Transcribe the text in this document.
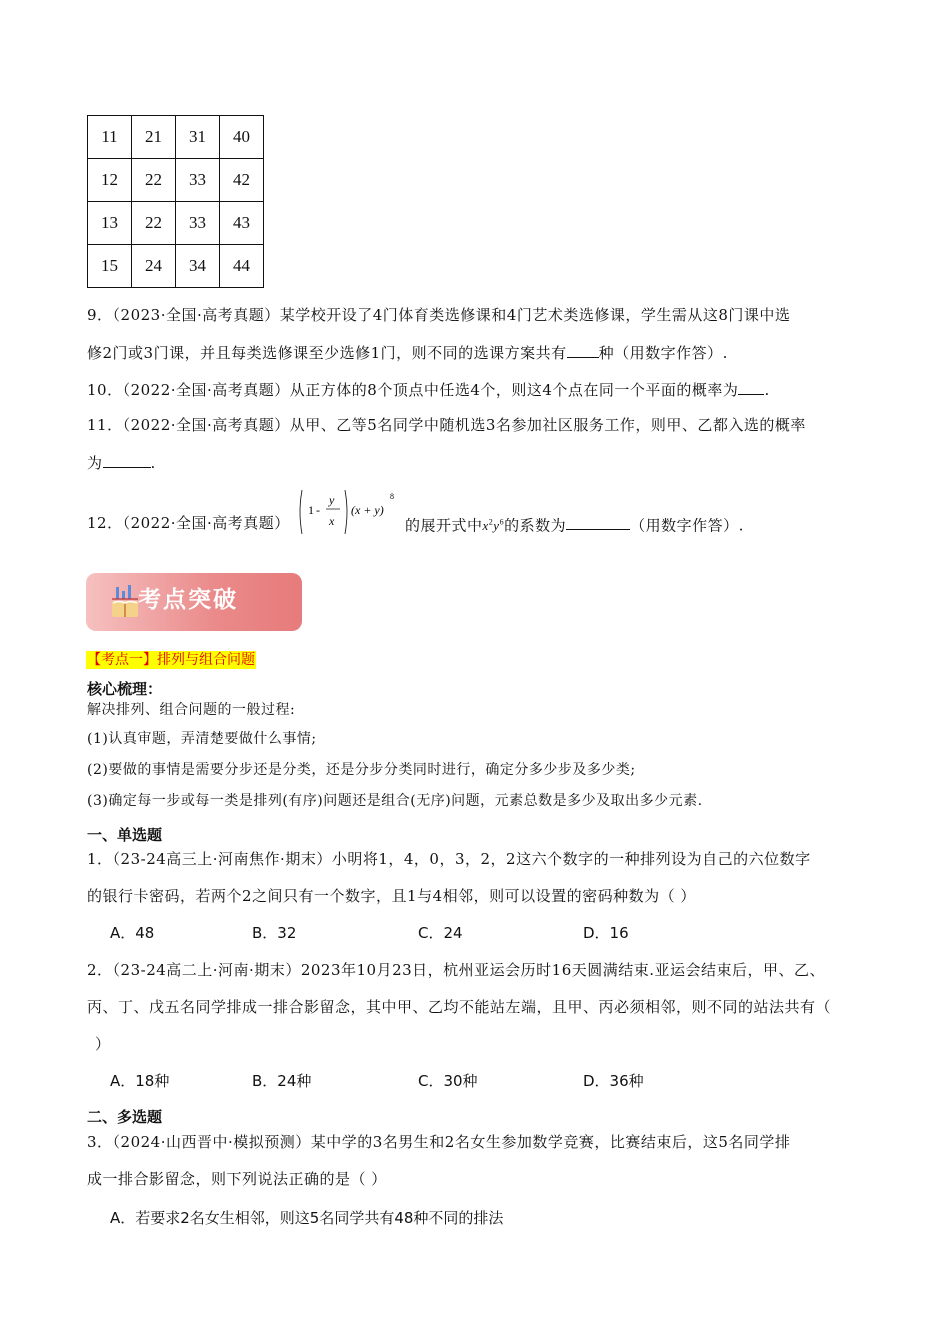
11	21	31	40
12	22	33	42
13	22	33	43
15	24	34	44
9．（2023·全国·高考真题）某学校开设了4门体育类选修课和4门艺术类选修课，学生需从这8门课中选
修2门或3门课，并且每类选修课至少选修1门，则不同的选课方案共有 种（用数字作答）.
10．（2022·全国·高考真题）从正方体的8个顶点中任选4个，则这4个点在同一个平面的概率为 .
11．（2022·全国·高考真题）从甲、乙等5名同学中随机选3名参加社区服务工作，则甲、乙都入选的概率
为	.
12．（2022·全国·高考真题）
1 -
y
x
(x + y)
8
的展开式中$x^2y^6$的系数为	（用数字作答）.
考点突破
【考点一】排列与组合问题
核心梳理：
解决排列、组合问题的一般过程:
(1)认真审题，弄清楚要做什么事情;
(2)要做的事情是需要分步还是分类，还是分步分类同时进行，确定分多少步及多少类;
(3)确定每一步或每一类是排列(有序)问题还是组合(无序)问题，元素总数是多少及取出多少元素.
一、单选题
1．（23-24高三上·河南焦作·期末）小明将1，4，0，3，2，2这六个数字的一种排列设为自己的六位数字
的银行卡密码，若两个2之间只有一个数字，且1与4相邻，则可以设置的密码种数为（ ）
A．48	B．32	C．24	D．16
2．（23-24高二上·河南·期末）2023年10月23日，杭州亚运会历时16天圆满结束.亚运会结束后，甲、乙、
丙、丁、戊五名同学排成一排合影留念，其中甲、乙均不能站左端，且甲、丙必须相邻，则不同的站法共有（
）
A．18种	B．24种	C．30种	D．36种
二、多选题
3．（2024·山西晋中·模拟预测）某中学的3名男生和2名女生参加数学竞赛，比赛结束后，这5名同学排
成一排合影留念，则下列说法正确的是（ ）
A．若要求2名女生相邻，则这5名同学共有48种不同的排法
